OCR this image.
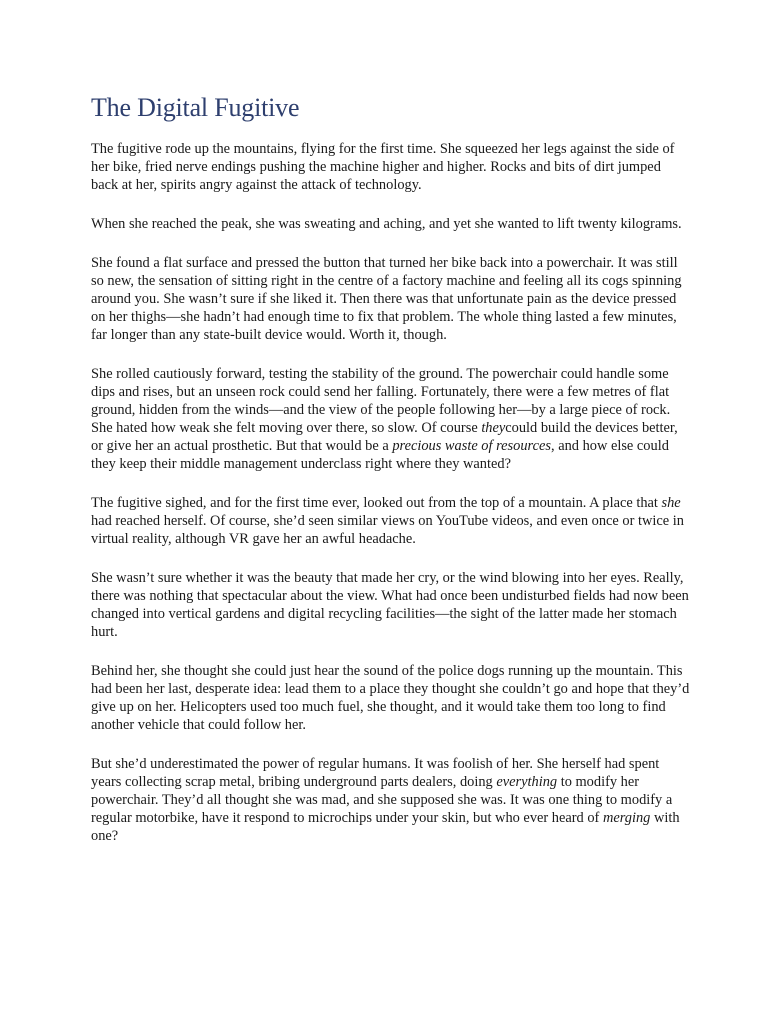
The Digital Fugitive

The fugitive rode up the mountains, flying for the first time. She squeezed her legs against the side of her bike, fried nerve endings pushing the machine higher and higher. Rocks and bits of dirt jumped back at her, spirits angry against the attack of technology.

When she reached the peak, she was sweating and aching, and yet she wanted to lift twenty kilograms.

She found a flat surface and pressed the button that turned her bike back into a powerchair. It was still so new, the sensation of sitting right in the centre of a factory machine and feeling all its cogs spinning around you. She wasn’t sure if she liked it. Then there was that unfortunate pain as the device pressed on her thighs—she hadn’t had enough time to fix that problem. The whole thing lasted a few minutes, far longer than any state-built device would. Worth it, though.

She rolled cautiously forward, testing the stability of the ground. The powerchair could handle some dips and rises, but an unseen rock could send her falling. Fortunately, there were a few metres of flat ground, hidden from the winds—and the view of the people following her—by a large piece of rock. She hated how weak she felt moving over there, so slow. Of course theycould build the devices better, or give her an actual prosthetic. But that would be a precious waste of resources, and how else could they keep their middle management underclass right where they wanted?

The fugitive sighed, and for the first time ever, looked out from the top of a mountain. A place that she had reached herself. Of course, she’d seen similar views on YouTube videos, and even once or twice in virtual reality, although VR gave her an awful headache.

She wasn’t sure whether it was the beauty that made her cry, or the wind blowing into her eyes. Really, there was nothing that spectacular about the view. What had once been undisturbed fields had now been changed into vertical gardens and digital recycling facilities—the sight of the latter made her stomach hurt.

Behind her, she thought she could just hear the sound of the police dogs running up the mountain. This had been her last, desperate idea: lead them to a place they thought she couldn’t go and hope that they’d give up on her. Helicopters used too much fuel, she thought, and it would take them too long to find another vehicle that could follow her.

But she’d underestimated the power of regular humans. It was foolish of her. She herself had spent years collecting scrap metal, bribing underground parts dealers, doing everything to modify her powerchair. They’d all thought she was mad, and she supposed she was. It was one thing to modify a regular motorbike, have it respond to microchips under your skin, but who ever heard of merging with one?
